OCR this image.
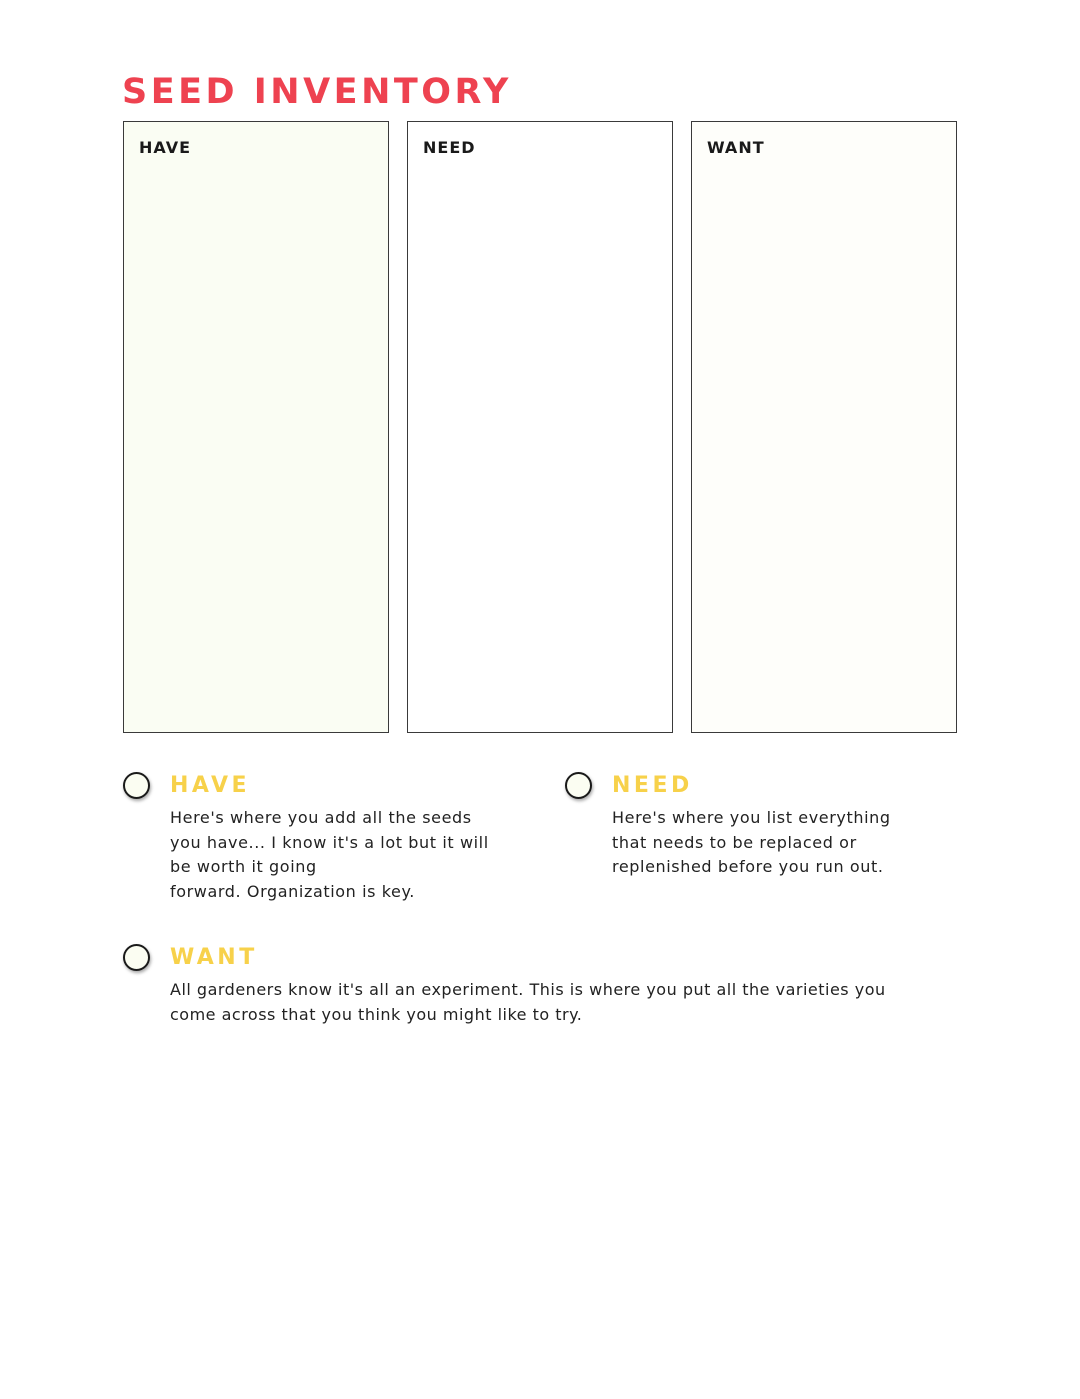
SEED INVENTORY
HAVE	NEED	WANT
HAVE

Here's where you add all the seeds
you have... I know it's a lot but it will
be worth it going
forward. Organization is key.

NEED

Here's where you list everything
that needs to be replaced or
replenished before you run out.

WANT

All gardeners know it's all an experiment. This is where you put all the varieties you
come across that you think you might like to try.
